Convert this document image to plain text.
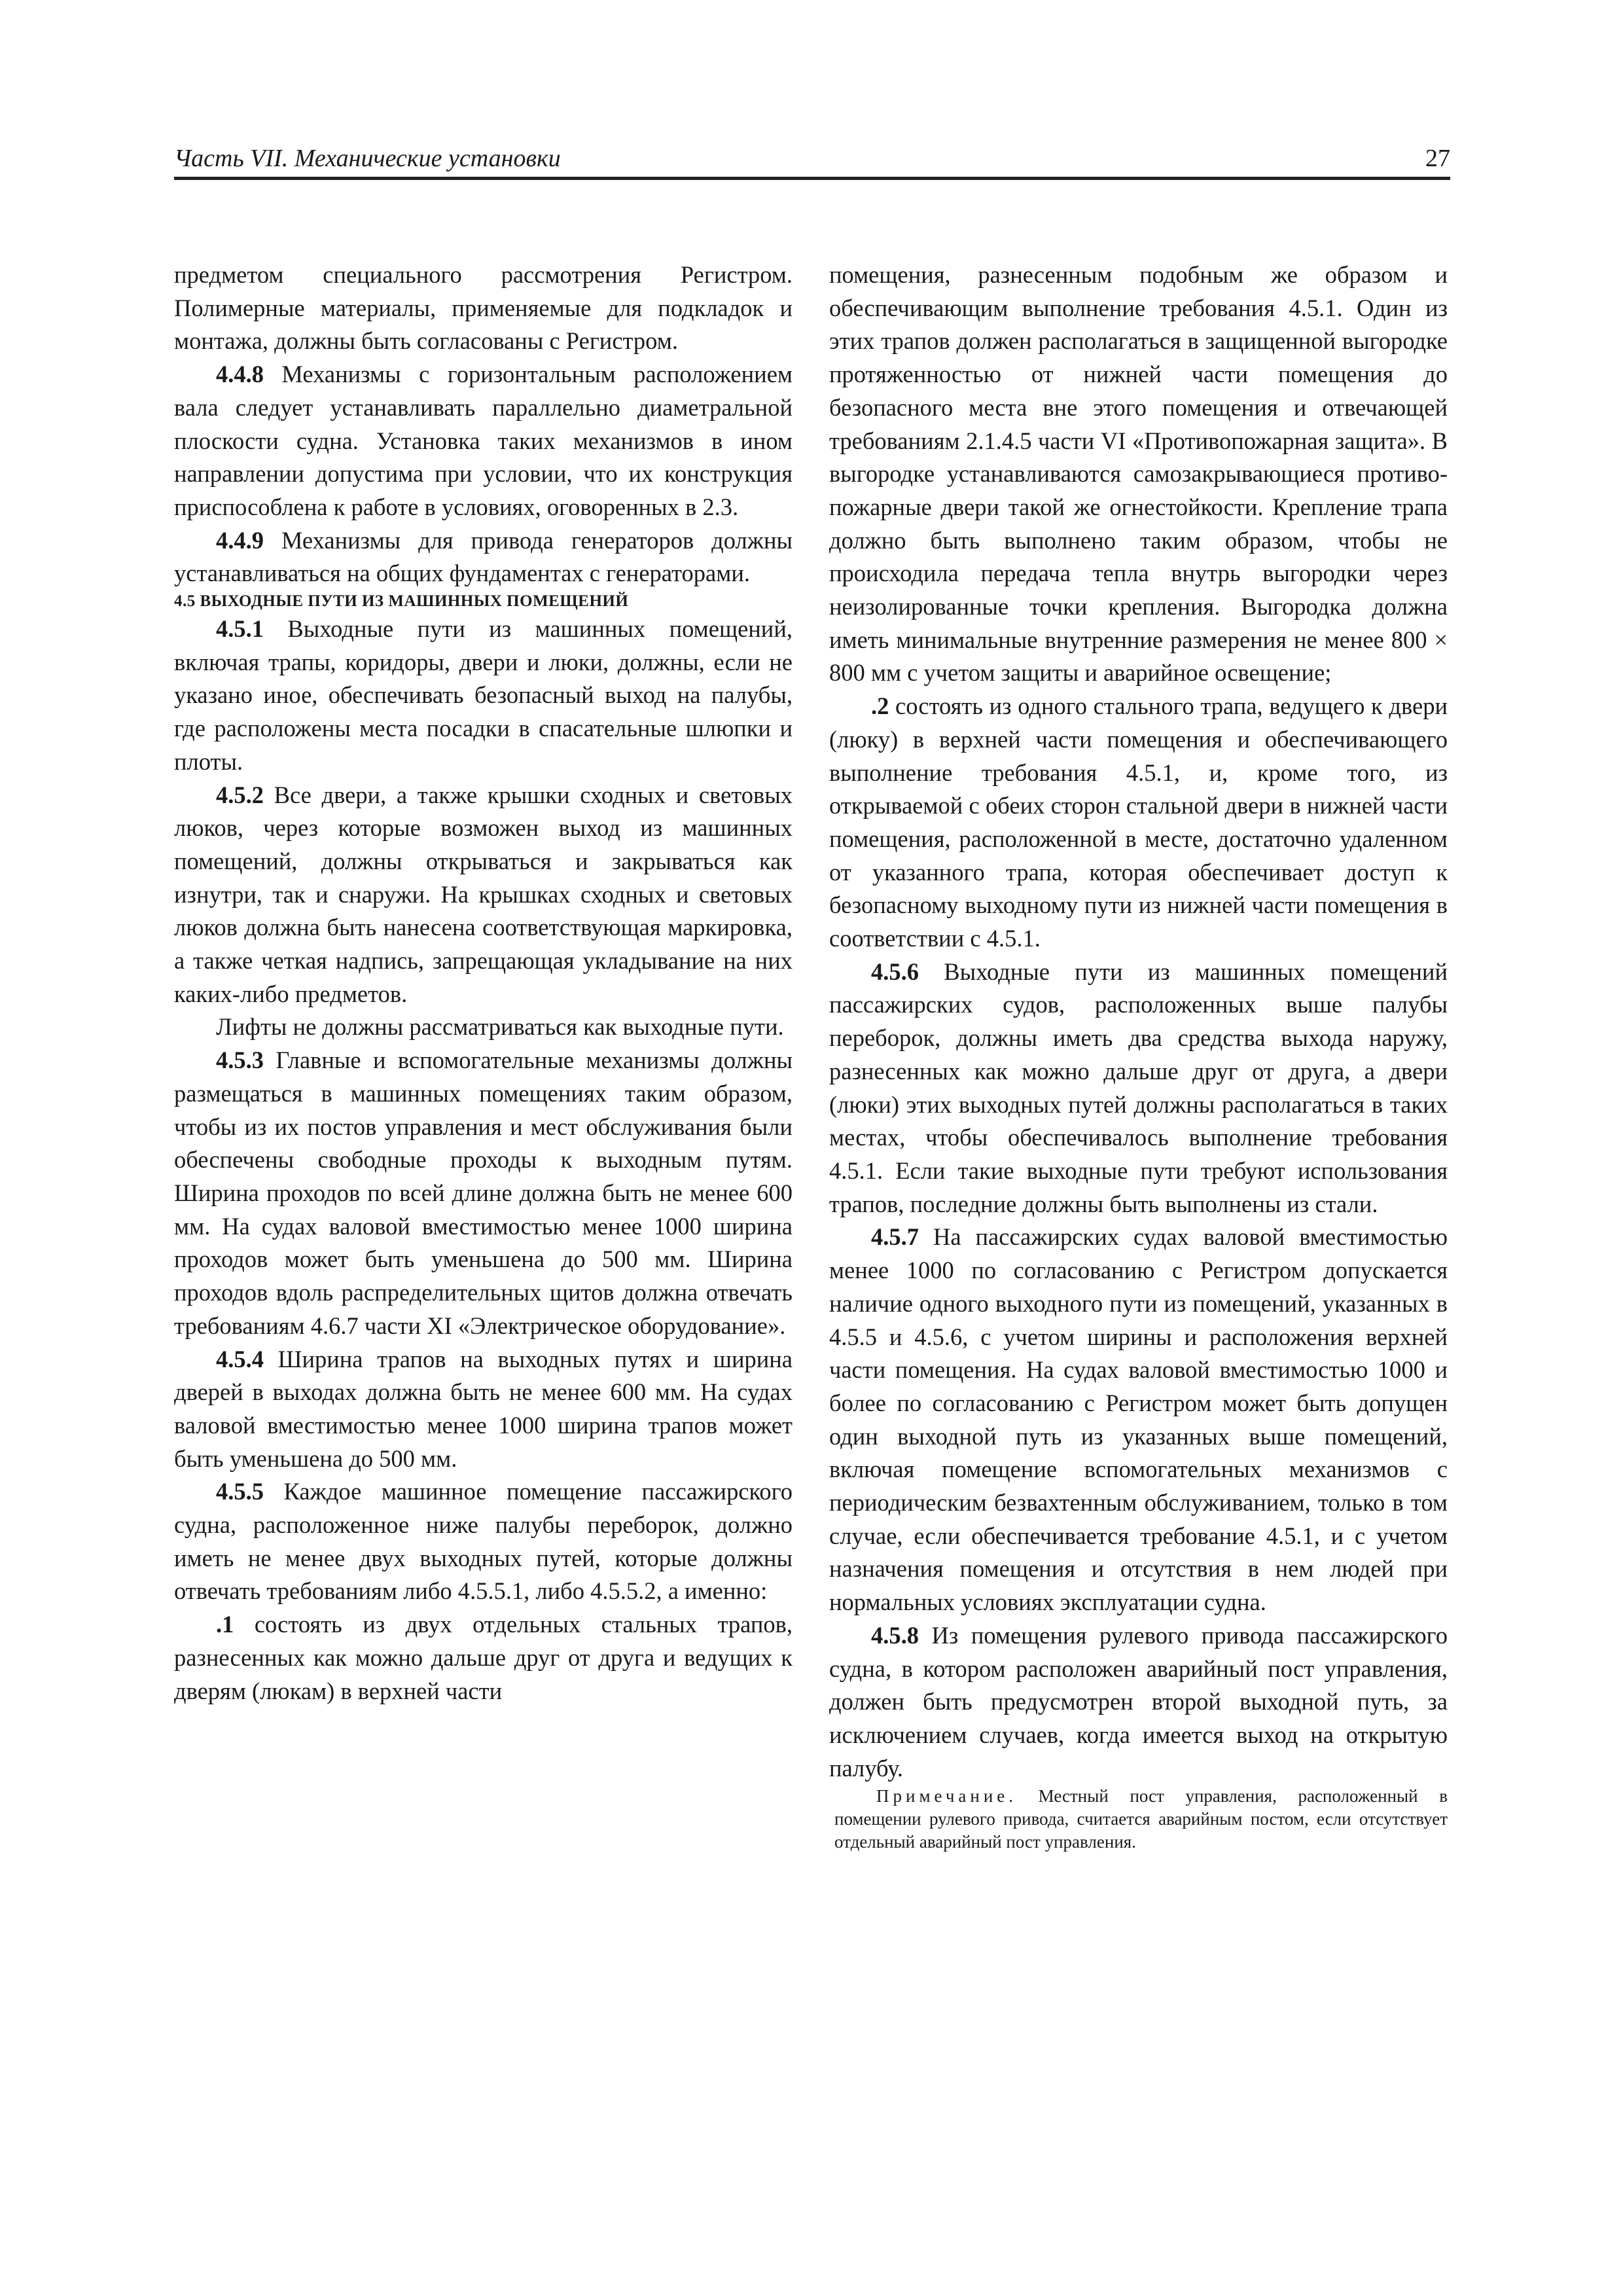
Часть VII. Механические установки	27

предметом специального рассмотрения Регистром. Полимерные материалы, применяемые для подкладок и монтажа, должны быть согласованы с Регистром.

4.4.8 Механизмы с горизонтальным расположением вала следует устанавливать параллельно диаметральной плоскости судна. Установка таких механизмов в ином направлении допустима при условии, что их конструкция приспособлена к работе в условиях, оговоренных в 2.3.

4.4.9 Механизмы для привода генераторов должны устанавливаться на общих фундаментах с генераторами.

4.5 ВЫХОДНЫЕ ПУТИ ИЗ МАШИННЫХ ПОМЕЩЕНИЙ

4.5.1 Выходные пути из машинных помещений, включая трапы, коридоры, двери и люки, должны, если не указано иное, обеспечивать безопасный выход на палубы, где расположены места посадки в спасательные шлюпки и плоты.

4.5.2 Все двери, а также крышки сходных и световых люков, через которые возможен выход из машинных помещений, должны открываться и закрываться как изнутри, так и снаружи. На крышках сходных и световых люков должна быть нанесена соответствующая маркировка, а также четкая надпись, запрещающая укладывание на них каких-либо предметов.

Лифты не должны рассматриваться как выходные пути.

4.5.3 Главные и вспомогательные механизмы должны размещаться в машинных помещениях таким образом, чтобы из их постов управления и мест обслуживания были обеспечены свободные проходы к выходным путям. Ширина проходов по всей длине должна быть не менее 600 мм. На судах валовой вместимостью менее 1000 ширина проходов может быть уменьшена до 500 мм. Ширина проходов вдоль распределительных щитов должна отвечать требованиям 4.6.7 части XI «Электрическое оборудование».

4.5.4 Ширина трапов на выходных путях и ширина дверей в выходах должна быть не менее 600 мм. На судах валовой вместимостью менее 1000 ширина трапов может быть уменьшена до 500 мм.

4.5.5 Каждое машинное помещение пассажирского судна, расположенное ниже палубы переборок, должно иметь не менее двух выходных путей, которые должны отвечать требованиям либо 4.5.5.1, либо 4.5.5.2, а именно:

.1 состоять из двух отдельных стальных трапов, разнесенных как можно дальше друг от друга и ведущих к дверям (люкам) в верхней части

помещения, разнесенным подобным же образом и обеспечивающим выполнение требования 4.5.1. Один из этих трапов должен располагаться в защищенной выгородке протяженностью от нижней части помещения до безопасного места вне этого помещения и отвечающей требованиям 2.1.4.5 части VI «Противопожарная защита». В выгородке устанавливаются самозакрывающиеся противопожарные двери такой же огнестойкости. Крепление трапа должно быть выполнено таким образом, чтобы не происходила передача тепла внутрь выгородки через неизолированные точки крепления. Выгородка должна иметь минимальные внутренние размерения не менее 800 × 800 мм с учетом защиты и аварийное освещение;

.2 состоять из одного стального трапа, ведущего к двери (люку) в верхней части помещения и обеспечивающего выполнение требования 4.5.1, и, кроме того, из открываемой с обеих сторон стальной двери в нижней части помещения, расположенной в месте, достаточно удаленном от указанного трапа, которая обеспечивает доступ к безопасному выходному пути из нижней части помещения в соответствии с 4.5.1.

4.5.6 Выходные пути из машинных помещений пассажирских судов, расположенных выше палубы переборок, должны иметь два средства выхода наружу, разнесенных как можно дальше друг от друга, а двери (люки) этих выходных путей должны располагаться в таких местах, чтобы обеспечивалось выполнение требования 4.5.1. Если такие выходные пути требуют использования трапов, последние должны быть выполнены из стали.

4.5.7 На пассажирских судах валовой вместимостью менее 1000 по согласованию с Регистром допускается наличие одного выходного пути из помещений, указанных в 4.5.5 и 4.5.6, с учетом ширины и расположения верхней части помещения. На судах валовой вместимостью 1000 и более по согласованию с Регистром может быть допущен один выходной путь из указанных выше помещений, включая помещение вспомогательных механизмов с периодическим безвахтенным обслуживанием, только в том случае, если обеспечивается требование 4.5.1, и с учетом назначения помещения и отсутствия в нем людей при нормальных условиях эксплуатации судна.

4.5.8 Из помещения рулевого привода пассажирского судна, в котором расположен аварийный пост управления, должен быть предусмотрен второй выходной путь, за исключением случаев, когда имеется выход на открытую палубу.

Примечание. Местный пост управления, расположенный в помещении рулевого привода, считается аварийным постом, если отсутствует отдельный аварийный пост управления.
